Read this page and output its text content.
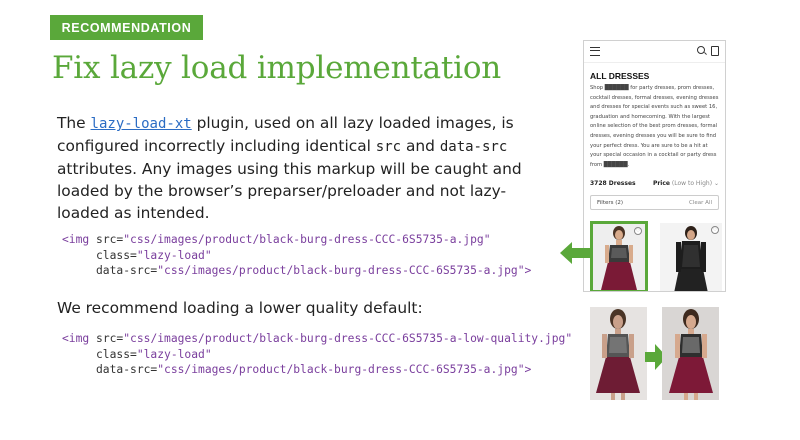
RECOMMENDATION
Fix lazy load implementation
The lazy-load-xt plugin, used on all lazy loaded images, is configured incorrectly including identical src and data-src attributes. Any images using this markup will be caught and loaded by the browser’s preparser/preloader and not lazy-loaded as intended.
<img src="css/images/product/black-burg-dress-CCC-6S5735-a.jpg"
class="lazy-load"
data-src="css/images/product/black-burg-dress-CCC-6S5735-a.jpg">
We recommend loading a lower quality default:
<img src="css/images/product/black-burg-dress-CCC-6S5735-a-low-quality.jpg"
class="lazy-load"
data-src="css/images/product/black-burg-dress-CCC-6S5735-a.jpg">
ALL DRESSES
Shop ██████ for party dresses, prom dresses, cocktail dresses, formal dresses, evening dresses and dresses for special events such as sweet 16, graduation and homecoming. With the largest online selection of the best prom dresses, formal dresses, evening dresses you will be sure to find your perfect dress. You are sure to be a hit at your special occasion in a cocktail or party dress from ██████.
3728 Dresses	Price (Low to High) ⌄
Filters (2)	Clear All
♡	♡
